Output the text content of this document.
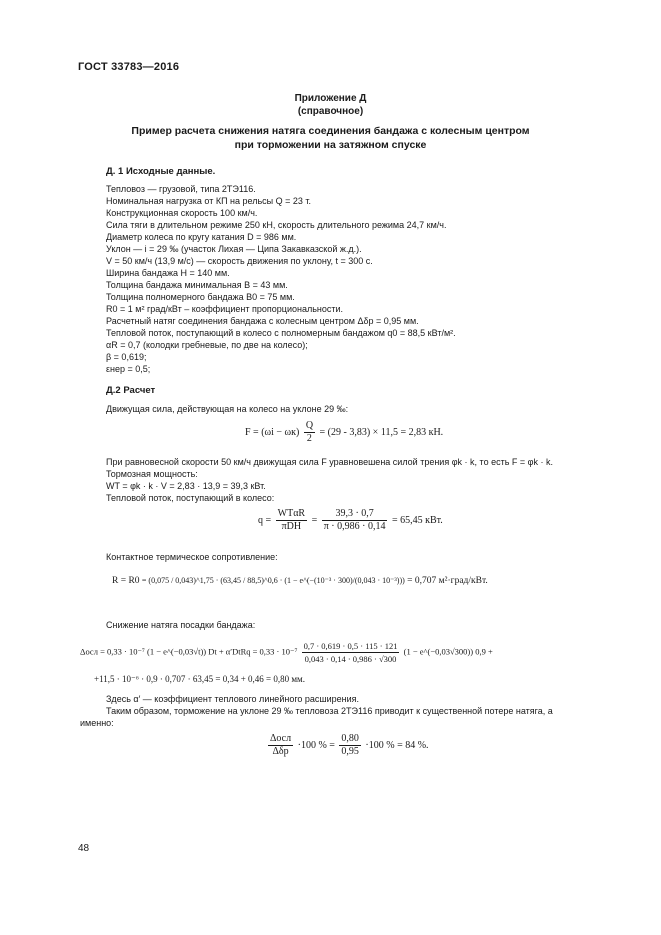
ГОСТ 33783—2016
Приложение Д
(справочное)
Пример расчета снижения натяга соединения бандажа с колесным центром
при торможении на затяжном спуске
Д. 1 Исходные данные.
Тепловоз — грузовой, типа 2ТЭ116.
Номинальная нагрузка от КП на рельсы Q = 23 т.
Конструкционная скорость 100 км/ч.
Сила тяги в длительном режиме 250 кН, скорость длительного режима 24,7 км/ч.
Диаметр колеса по кругу катания D = 986 мм.
Уклон — i = 29 ‰ (участок Лихая — Ципа Закавказской ж.д.).
V = 50 км/ч (13,9 м/с) — скорость движения по уклону, t = 300 с.
Ширина бандажа H = 140 мм.
Толщина бандажа минимальная B = 43 мм.
Толщина полномерного бандажа B0 = 75 мм.
R0 = 1 м² град/кВт – коэффициент пропорциональности.
Расчетный натяг соединения бандажа с колесным центром Δδр = 0,95 мм.
Тепловой поток, поступающий в колесо с полномерным бандажом q0 = 88,5 кВт/м².
αR = 0,7 (колодки гребневые, по две на колесо);
β = 0,619;
εнер = 0,5;
Д.2 Расчет
Движущая сила, действующая на колесо на уклоне 29 ‰:
$F = (\omega i - \omega к) \frac{Q}{2} = (29 - 3,83) \times 11,5 = 2,83$ кН.
При равновесной скорости 50 км/ч движущая сила F уравновешена силой трения φk · k, то есть F = φk · k.
Тормозная мощность:
WT = φk · k · V = 2,83 · 13,9 = 39,3 кВт.
Тепловой поток, поступающий в колесо:
$q = \frac{\text{WTαR}}{\text{πDH}} = \frac{39,3 \cdot 0,7}{\pi \cdot 0,986 \cdot 0,14} = 65,45$ кВт.
Контактное термическое сопротивление:
R = R0 = (0,075 / 0,043)^1,75 · (63,45 / 88,5)^0,6 · (1 − e^(−(10⁻³ · 300)/(0,043 · 10⁻³))) = 0,707 м²·град/кВт.
Снижение натяга посадки бандажа:
Δосл = 0,33 · 10⁻⁷ (1 − e^(−0,03√t)) Dt + α′DtRq = $0,33 \cdot 10^{-7} \frac{0,7 \cdot 0,619 \cdot 0,5 \cdot 115 \cdot 121}{0,043 \cdot 0,14 \cdot 0,986 \cdot √300} (1$ − e^(−0,03√300)) 0,9 +
+11,5 · 10⁻⁶ · 0,9 · 0,707 · 63,45 = 0,34 + 0,46 = 0,80 мм.
Здесь α′ — коэффициент теплового линейного расширения.
Таким образом, торможение на уклоне 29 ‰ тепловоза 2ТЭ116 приводит к существенной потере натяга, а
именно:
$\frac{\text{Δосл}}{\text{Δδр}} \cdot 100$ % = $\frac{0,80}{0,95} \cdot 100$ % = 84 %.
48
